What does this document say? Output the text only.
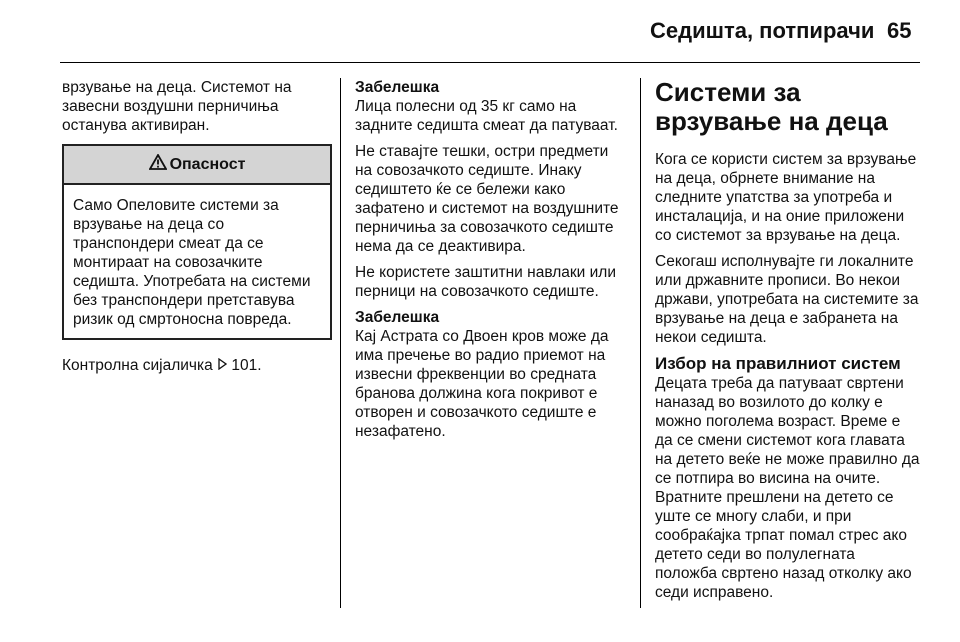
Седишта, потпирачи 65

врзување на деца. Системот на завесни воздушни перничиња останува активиран.

Опасност
Само Опеловите системи за врзување на деца со транспондери смеат да се монтираат на совозачките седишта. Употребата на системи без транспондери претставува ризик од смртоносна повреда.

Контролна сијаличка 101.

Забелешка

Лица полесни од 35 кг само на задните седишта смеат да патуваат.

Не ставајте тешки, остри предмети на совозачкото седиште. Инаку седиштето ќе се бележи како зафатено и системот на воздушните перничиња за совозачкото седиште нема да се деактивира.

Не користете заштитни навлаки или перници на совозачкото седиште.

Забелешка

Кај Астрата со Двоен кров може да има пречење во радио приемот на извесни фреквенции во средната бранова должина кога покривот е отворен и совозачкото седиште е незафатено.

Системи за врзување на деца

Кога се користи систем за врзување на деца, обрнете внимание на следните упатства за употреба и инсталација, и на оние приложени со системот за врзување на деца.

Секогаш исполнувајте ги локалните или државните прописи. Во некои држави, употребата на системите за врзување на деца е забранета на некои седишта.

Избор на правилниот систем

Децата треба да патуваат свртени наназад во возилото до колку е можно поголема возраст. Време е да се смени системот кога главата на детето веќе не може правилно да се потпира во висина на очите. Вратните прешлени на детето се уште се многу слаби, и при сообраќајка трпат помал стрес ако детето седи во полулегната положба свртено назад отколку ако седи исправено.
